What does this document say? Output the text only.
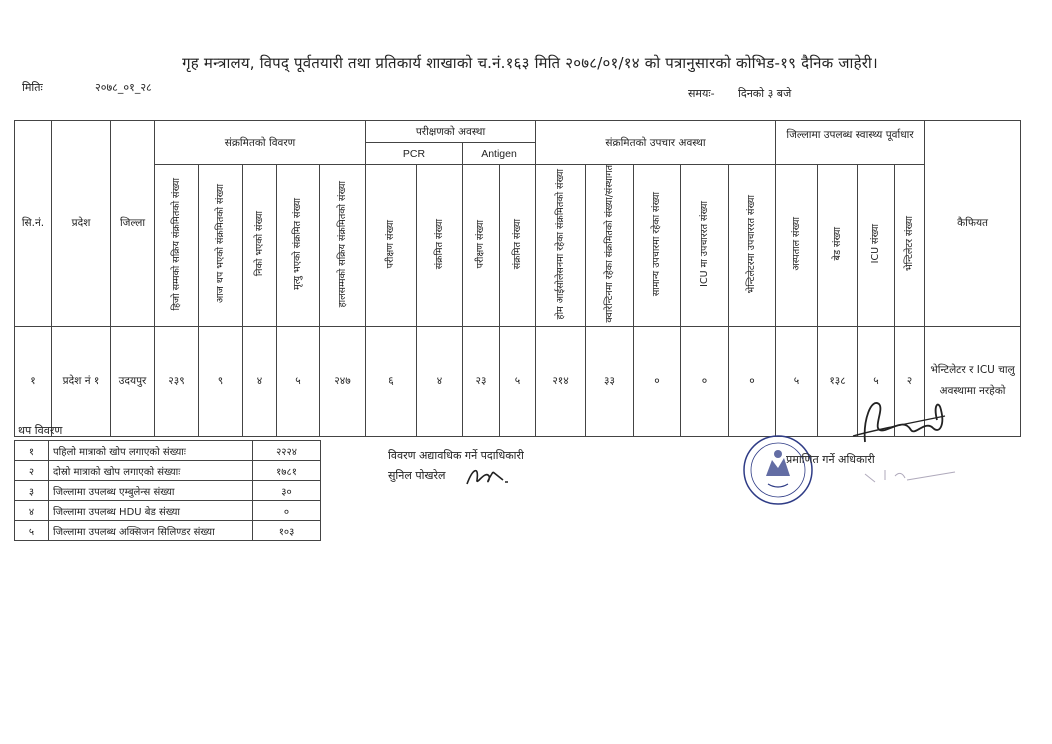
गृह मन्त्रालय, विपद् पूर्वतयारी तथा प्रतिकार्य शाखाको च.नं.१६३ मिति २०७८/०१/१४ को पत्रानुसारको कोभिड-१९ दैनिक जाहेरी।
मितिः	२०७८_०१_२८	समयः- दिनको ३ बजे
सि.नं.	प्रदेश	जिल्ला	संक्रमितको विवरण					परीक्षणको अवस्था				संक्रमितको उपचार अवस्था					जिल्लामा उपलब्ध स्वास्थ्य पूर्वाधार				कैफियत
								PCR		Antigen											
			हिजो सम्मको सक्रिय संक्रमितको संख्या	आज थप भएको संक्रमितको संख्या	निको भएको संख्या	मृत्यु भएको संक्रमित संख्या	हालसम्मको सक्रिय संक्रमितको संख्या	परीक्षण संख्या	संक्रमित संख्या	परीक्षण संख्या	संक्रमित संख्या	होम आईसोलेसनमा रहेका संक्रमितको संख्या	क्वारेन्टिनमा रहेका संक्रमितको संख्या/संस्थागत	सामान्य उपचारमा रहेका संख्या	ICU मा उपचाररत संख्या	भेन्टिलेटरमा उपचाररत संख्या	अस्पताल संख्या	बेड संख्या	ICU संख्या	भेन्टिलेटर संख्या	
१	प्रदेश नं १	उदयपुर	२३९	९	४	५	२४७	६	४	२३	५	२१४	३३	०	०	०	५	१३८	५	२	भेन्टिलेटर र ICU चालु अवस्थामा नरहेको
थप विवरण
१	पहिलो मात्राको खोप लगाएको संख्याः	२२२४
२	दोस्रो मात्राको खोप लगाएको संख्याः	१७८१
३	जिल्लामा उपलब्ध एम्बुलेन्स संख्या	३०
४	जिल्लामा उपलब्ध HDU बेड संख्या	०
५	जिल्लामा उपलब्ध अक्सिजन सिलिण्डर संख्या	१०३
विवरण अद्यावधिक गर्ने पदाधिकारी
सुनिल पोखरेल
प्रमाणित गर्ने अधिकारी
